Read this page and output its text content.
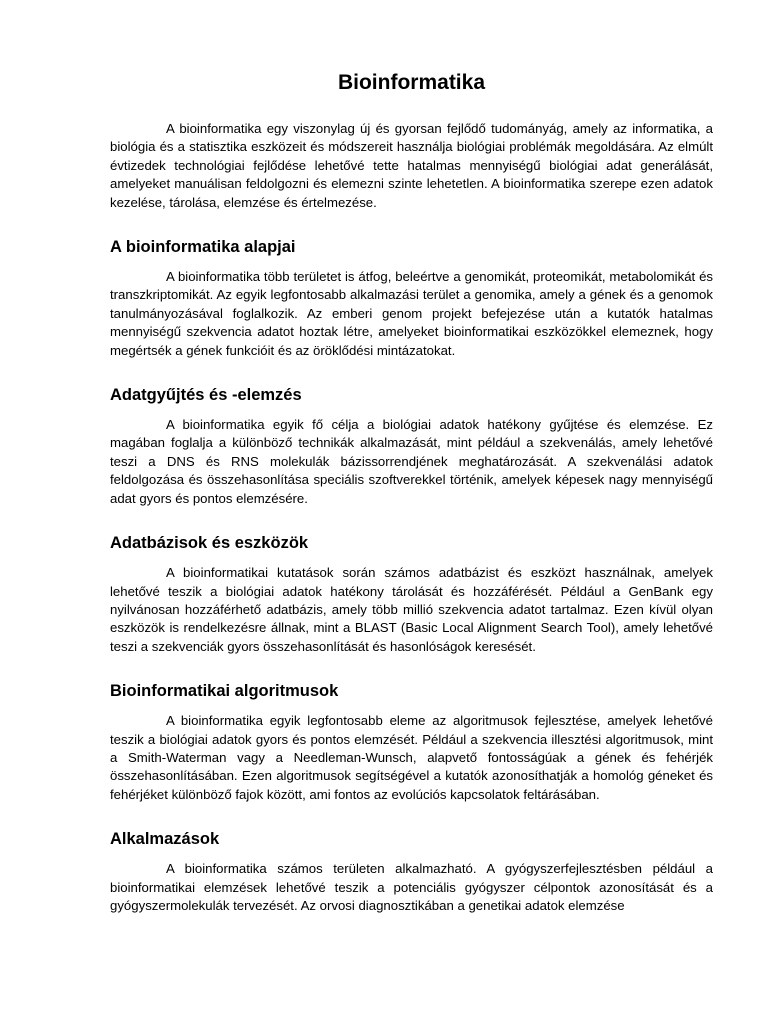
Bioinformatika

A bioinformatika egy viszonylag új és gyorsan fejlődő tudományág, amely az informatika, a biológia és a statisztika eszközeit és módszereit használja biológiai problémák megoldására. Az elmúlt évtizedek technológiai fejlődése lehetővé tette hatalmas mennyiségű biológiai adat generálását, amelyeket manuálisan feldolgozni és elemezni szinte lehetetlen. A bioinformatika szerepe ezen adatok kezelése, tárolása, elemzése és értelmezése.

A bioinformatika alapjai

A bioinformatika több területet is átfog, beleértve a genomikát, proteomikát, metabolomikát és transzkriptomikát. Az egyik legfontosabb alkalmazási terület a genomika, amely a gének és a genomok tanulmányozásával foglalkozik. Az emberi genom projekt befejezése után a kutatók hatalmas mennyiségű szekvencia adatot hoztak létre, amelyeket bioinformatikai eszközökkel elemeznek, hogy megértsék a gének funkcióit és az öröklődési mintázatokat.

Adatgyűjtés és -elemzés

A bioinformatika egyik fő célja a biológiai adatok hatékony gyűjtése és elemzése. Ez magában foglalja a különböző technikák alkalmazását, mint például a szekvenálás, amely lehetővé teszi a DNS és RNS molekulák bázissorrendjének meghatározását. A szekvenálási adatok feldolgozása és összehasonlítása speciális szoftverekkel történik, amelyek képesek nagy mennyiségű adat gyors és pontos elemzésére.

Adatbázisok és eszközök

A bioinformatikai kutatások során számos adatbázist és eszközt használnak, amelyek lehetővé teszik a biológiai adatok hatékony tárolását és hozzáférését. Például a GenBank egy nyilvánosan hozzáférhető adatbázis, amely több millió szekvencia adatot tartalmaz. Ezen kívül olyan eszközök is rendelkezésre állnak, mint a BLAST (Basic Local Alignment Search Tool), amely lehetővé teszi a szekvenciák gyors összehasonlítását és hasonlóságok keresését.

Bioinformatikai algoritmusok

A bioinformatika egyik legfontosabb eleme az algoritmusok fejlesztése, amelyek lehetővé teszik a biológiai adatok gyors és pontos elemzését. Például a szekvencia illesztési algoritmusok, mint a Smith-Waterman vagy a Needleman-Wunsch, alapvető fontosságúak a gének és fehérjék összehasonlításában. Ezen algoritmusok segítségével a kutatók azonosíthatják a homológ géneket és fehérjéket különböző fajok között, ami fontos az evolúciós kapcsolatok feltárásában.

Alkalmazások

A bioinformatika számos területen alkalmazható. A gyógyszerfejlesztésben például a bioinformatikai elemzések lehetővé teszik a potenciális gyógyszer célpontok azonosítását és a gyógyszermolekulák tervezését. Az orvosi diagnosztikában a genetikai adatok elemzése
